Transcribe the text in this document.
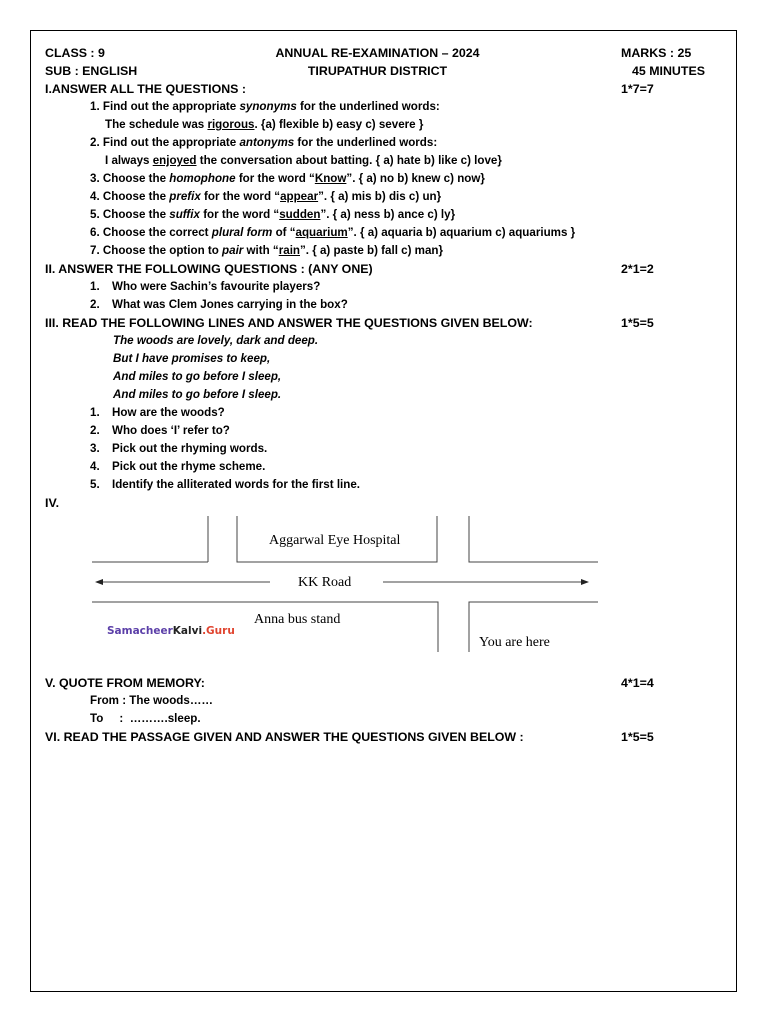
CLASS : 9	ANNUAL RE-EXAMINATION – 2024	MARKS : 25
SUB : ENGLISH	TIRUPATHUR DISTRICT	45 MINUTES
I.ANSWER ALL THE QUESTIONS :	1*7=7
1. Find out the appropriate synonyms for the underlined words:
The schedule was rigorous. {a) flexible b) easy c) severe }
2. Find out the appropriate antonyms for the underlined words:
I always enjoyed the conversation about batting. { a) hate b) like c) love}
3. Choose the homophone for the word “Know”. { a) no b) knew c) now}
4. Choose the prefix for the word “appear”. { a) mis b) dis c) un}
5. Choose the suffix for the word “sudden”. { a) ness b) ance c) ly}
6. Choose the correct plural form of “aquarium”. { a) aquaria b) aquarium c) aquariums }
7. Choose the option to pair with “rain”. { a) paste b) fall c) man}
II. ANSWER THE FOLLOWING QUESTIONS : (ANY ONE)	2*1=2
1. Who were Sachin’s favourite players?
2. What was Clem Jones carrying in the box?
III. READ THE FOLLOWING LINES AND ANSWER THE QUESTIONS GIVEN BELOW:	1*5=5
The woods are lovely, dark and deep.
But I have promises to keep,
And miles to go before I sleep,
And miles to go before I sleep.
1. How are the woods?
2. Who does ‘I’ refer to?
3. Pick out the rhyming words.
4. Pick out the rhyme scheme.
5. Identify the alliterated words for the first line.
IV.
Aggarwal Eye Hospital
KK Road
Anna bus stand
You are here
SamacheerKalvi.Guru
V. QUOTE FROM MEMORY:	4*1=4
From : The woods……
To     :  ……….sleep.
VI. READ THE PASSAGE GIVEN AND ANSWER THE QUESTIONS GIVEN BELOW :	1*5=5
